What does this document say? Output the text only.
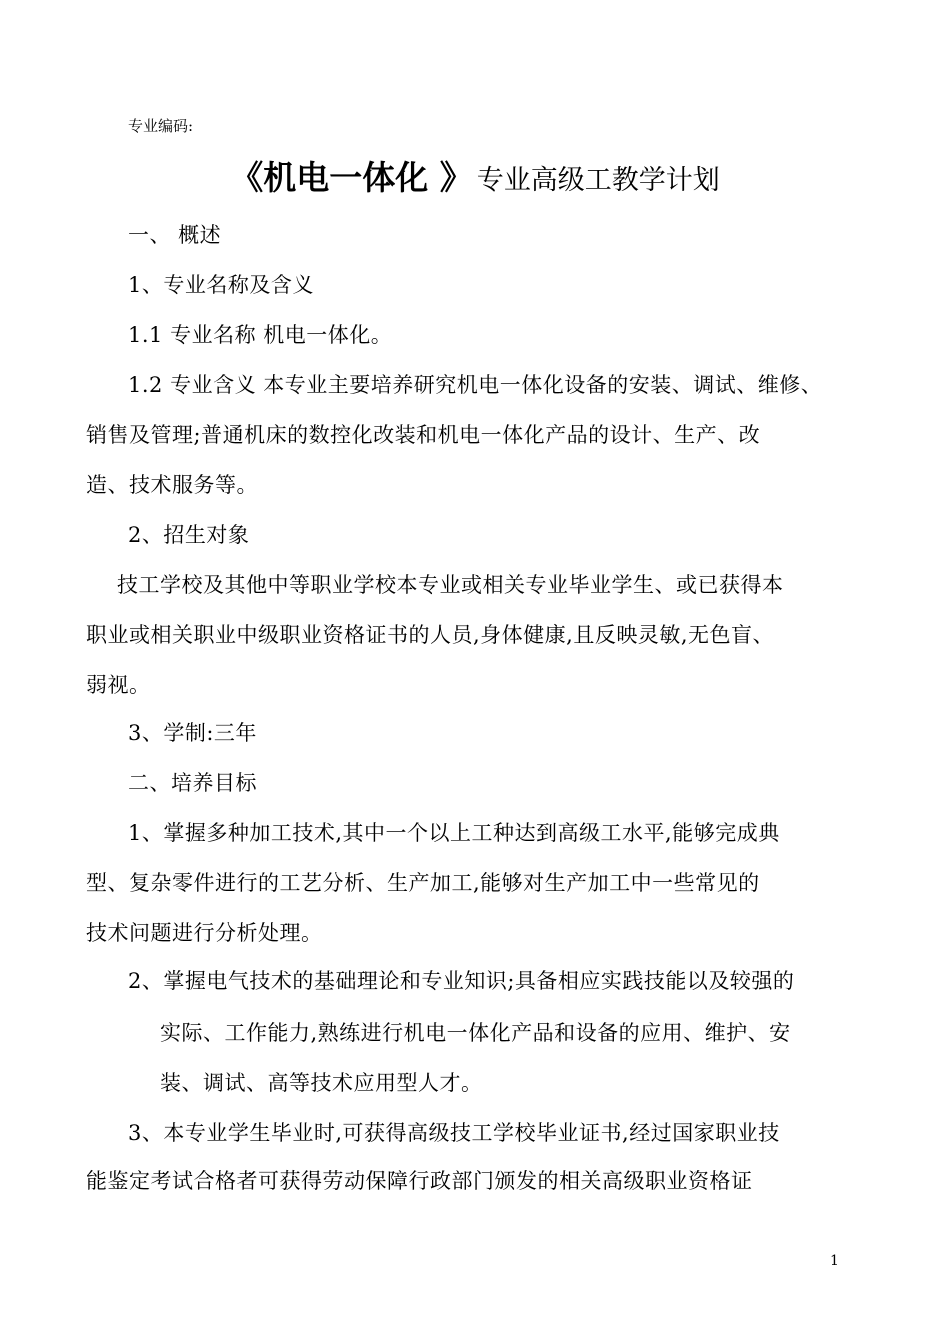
专业编码:
《机电一体化 》 专业高级工教学计划
一、 概述
1、专业名称及含义
1.1 专业名称 机电一体化。
1.2 专业含义 本专业主要培养研究机电一体化设备的安装、调试、维修、
销售及管理;普通机床的数控化改装和机电一体化产品的设计、生产、改
造、技术服务等。
2、招生对象
技工学校及其他中等职业学校本专业或相关专业毕业学生、或已获得本
职业或相关职业中级职业资格证书的人员,身体健康,且反映灵敏,无色盲、
弱视。
3、学制:三年
二、培养目标
1、掌握多种加工技术,其中一个以上工种达到高级工水平,能够完成典
型、复杂零件进行的工艺分析、生产加工,能够对生产加工中一些常见的
技术问题进行分析处理。
2、掌握电气技术的基础理论和专业知识;具备相应实践技能以及较强的
实际、工作能力,熟练进行机电一体化产品和设备的应用、维护、安
装、调试、高等技术应用型人才。
3、本专业学生毕业时,可获得高级技工学校毕业证书,经过国家职业技
能鉴定考试合格者可获得劳动保障行政部门颁发的相关高级职业资格证
1
